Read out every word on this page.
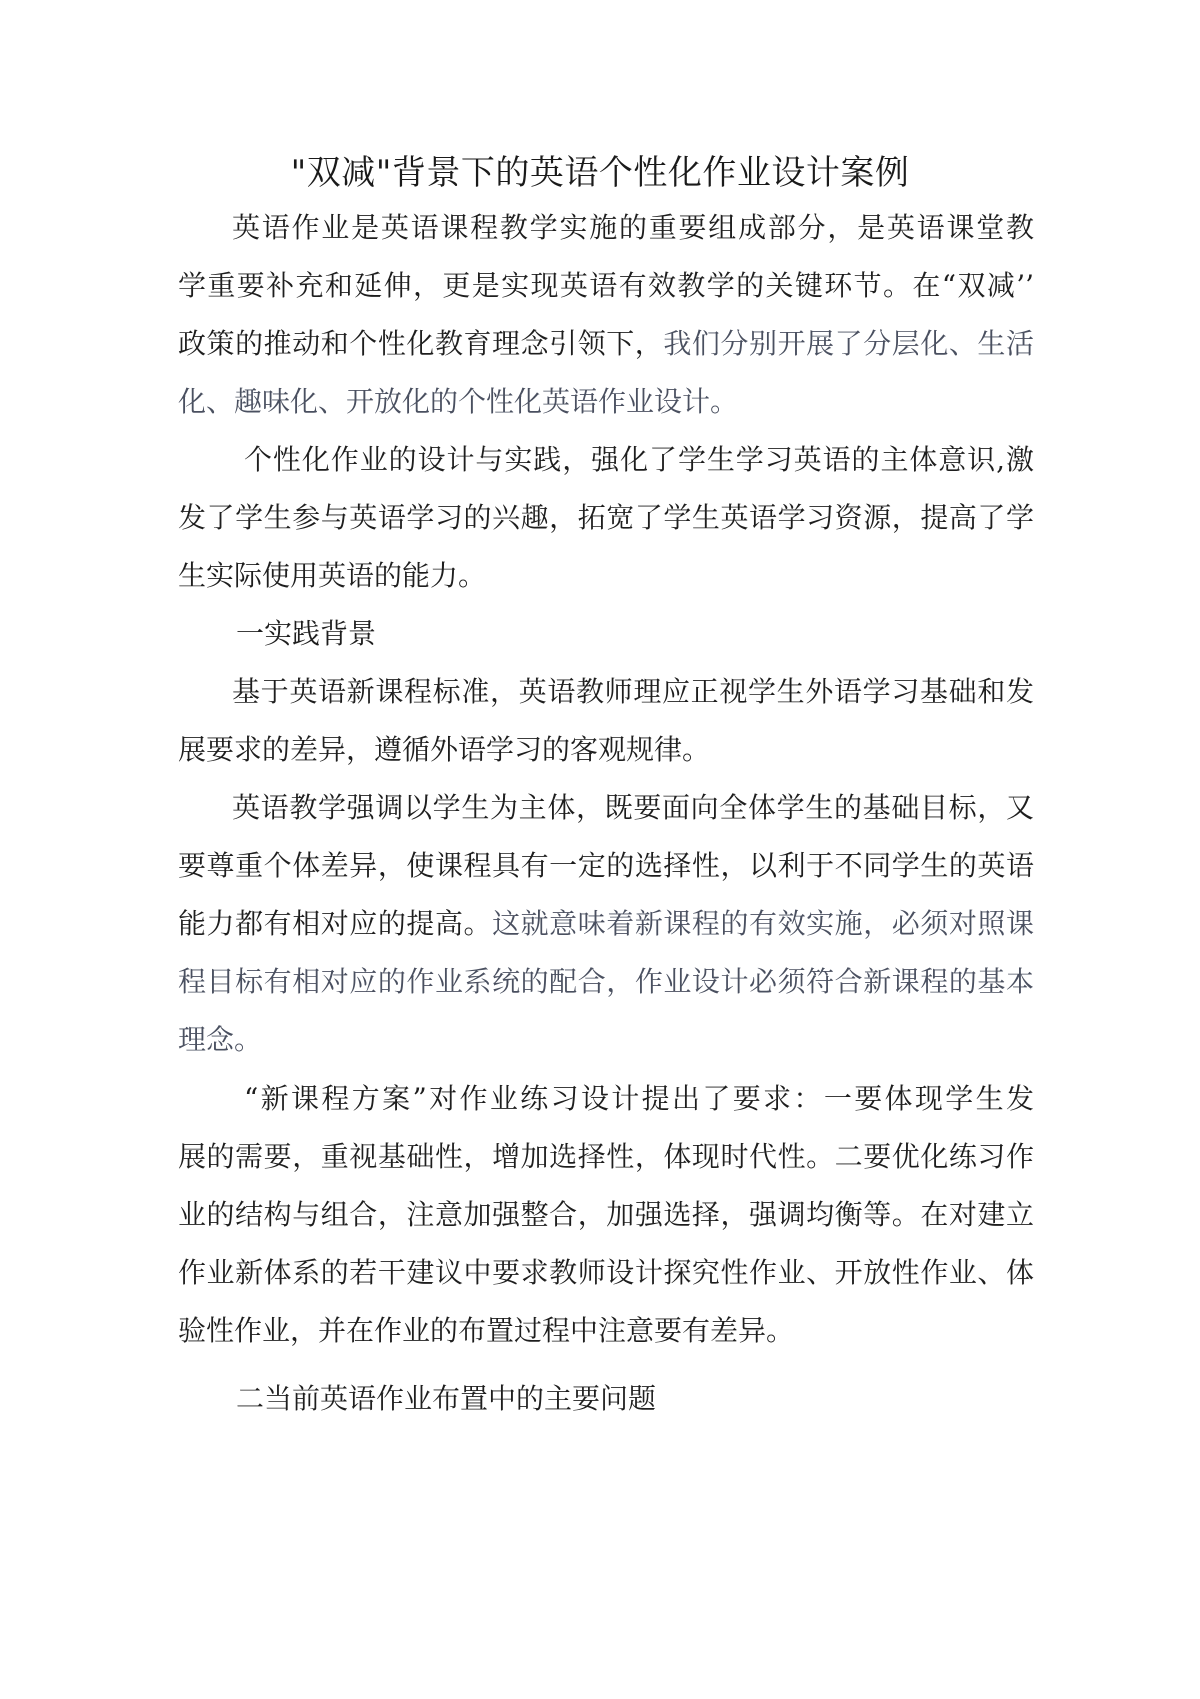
"双减"背景下的英语个性化作业设计案例
英语作业是英语课程教学实施的重要组成部分，是英语课堂教
学重要补充和延伸，更是实现英语有效教学的关键环节。在“双减’’
政策的推动和个性化教育理念引领下，我们分别开展了分层化、生活
化、趣味化、开放化的个性化英语作业设计。
个性化作业的设计与实践，强化了学生学习英语的主体意识,激
发了学生参与英语学习的兴趣，拓宽了学生英语学习资源，提高了学
生实际使用英语的能力。
一实践背景
基于英语新课程标准，英语教师理应正视学生外语学习基础和发
展要求的差异，遵循外语学习的客观规律。
英语教学强调以学生为主体，既要面向全体学生的基础目标，又
要尊重个体差异，使课程具有一定的选择性，以利于不同学生的英语
能力都有相对应的提高。这就意味着新课程的有效实施，必须对照课
程目标有相对应的作业系统的配合，作业设计必须符合新课程的基本
理念。
“新课程方案”对作业练习设计提出了要求：一要体现学生发
展的需要，重视基础性，增加选择性，体现时代性。二要优化练习作
业的结构与组合，注意加强整合，加强选择，强调均衡等。在对建立
作业新体系的若干建议中要求教师设计探究性作业、开放性作业、体
验性作业，并在作业的布置过程中注意要有差异。
二当前英语作业布置中的主要问题
